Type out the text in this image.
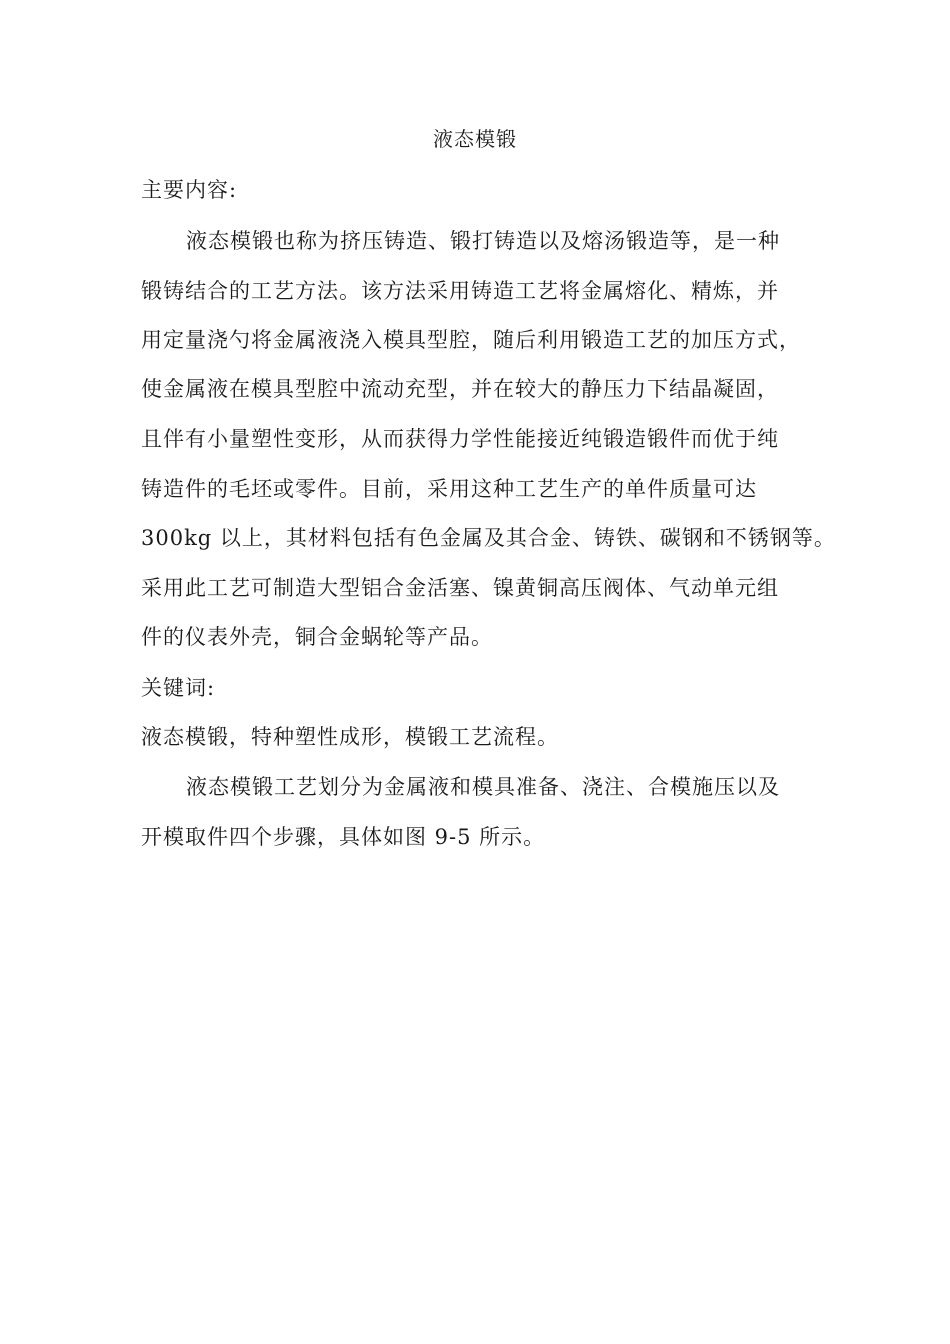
液态模锻
主要内容:
液态模锻也称为挤压铸造、锻打铸造以及熔汤锻造等，是一种
锻铸结合的工艺方法。该方法采用铸造工艺将金属熔化、精炼，并
用定量浇勺将金属液浇入模具型腔，随后利用锻造工艺的加压方式，
使金属液在模具型腔中流动充型，并在较大的静压力下结晶凝固，
且伴有小量塑性变形，从而获得力学性能接近纯锻造锻件而优于纯
铸造件的毛坯或零件。目前，采用这种工艺生产的单件质量可达
300kg 以上，其材料包括有色金属及其合金、铸铁、碳钢和不锈钢等。
采用此工艺可制造大型铝合金活塞、镍黄铜高压阀体、气动单元组
件的仪表外壳，铜合金蜗轮等产品。
关键词:
液态模锻，特种塑性成形，模锻工艺流程。
液态模锻工艺划分为金属液和模具准备、浇注、合模施压以及
开模取件四个步骤，具体如图 9-5 所示。
